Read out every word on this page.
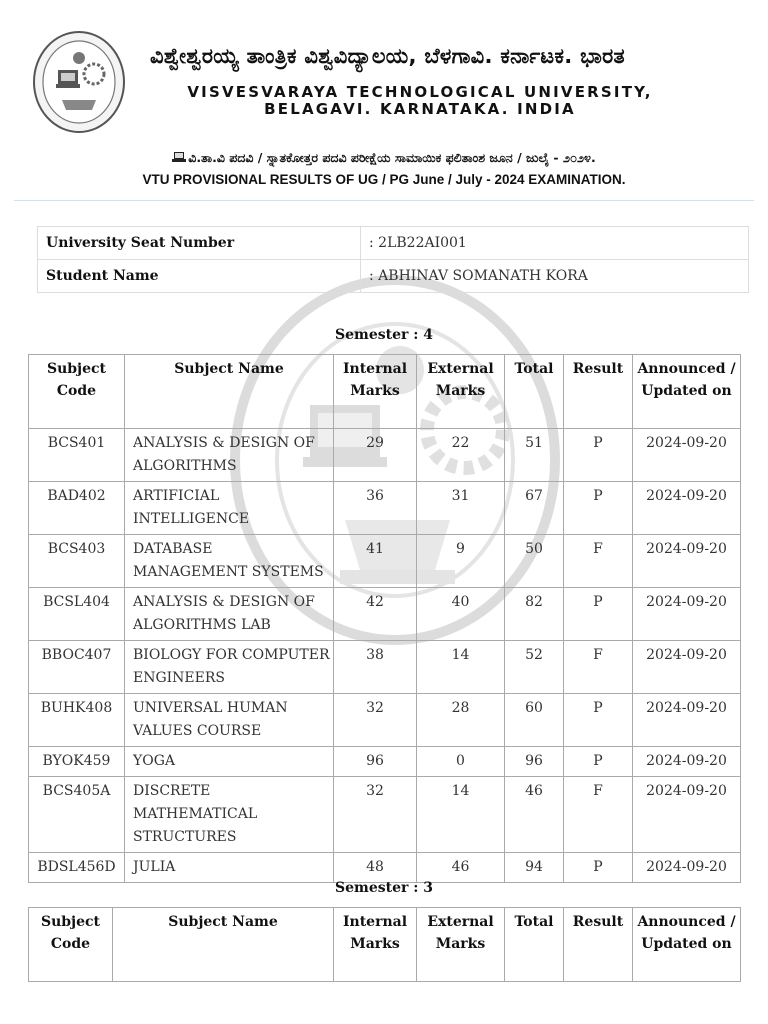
ವಿಶ್ವೇಶ್ವರಯ್ಯ ತಾಂತ್ರಿಕ ವಿಶ್ವವಿದ್ಯಾಲಯ, ಬೆಳಗಾವಿ. ಕರ್ನಾಟಕ. ಭಾರತ
VISVESVARAYA TECHNOLOGICAL UNIVERSITY,
BELAGAVI. KARNATAKA. INDIA
ವಿ.ತಾ.ವಿ ಪದವಿ / ಸ್ನಾತಕೋತ್ತರ ಪದವಿ ಪರೀಕ್ಷೆಯ ಸಾಮಾಯಿಕ ಫಲಿತಾಂಶ ಜೂನ / ಜುಲೈ - ೨೦೨೪.
VTU PROVISIONAL RESULTS OF UG / PG June / July - 2024 EXAMINATION.
University Seat Number	: 2LB22AI001
Student Name	: ABHINAV SOMANATH KORA
Semester : 4
Subject Code	Subject Name	Internal Marks	External Marks	Total	Result	Announced / Updated on
BCS401	ANALYSIS & DESIGN OF ALGORITHMS	29	22	51	P	2024-09-20
BAD402	ARTIFICIAL INTELLIGENCE	36	31	67	P	2024-09-20
BCS403	DATABASE MANAGEMENT SYSTEMS	41	9	50	F	2024-09-20
BCSL404	ANALYSIS & DESIGN OF ALGORITHMS LAB	42	40	82	P	2024-09-20
BBOC407	BIOLOGY FOR COMPUTER ENGINEERS	38	14	52	F	2024-09-20
BUHK408	UNIVERSAL HUMAN VALUES COURSE	32	28	60	P	2024-09-20
BYOK459	YOGA	96	0	96	P	2024-09-20
BCS405A	DISCRETE MATHEMATICAL STRUCTURES	32	14	46	F	2024-09-20
BDSL456D	JULIA	48	46	94	P	2024-09-20
Semester : 3
Subject Code	Subject Name	Internal Marks	External Marks	Total	Result	Announced / Updated on
